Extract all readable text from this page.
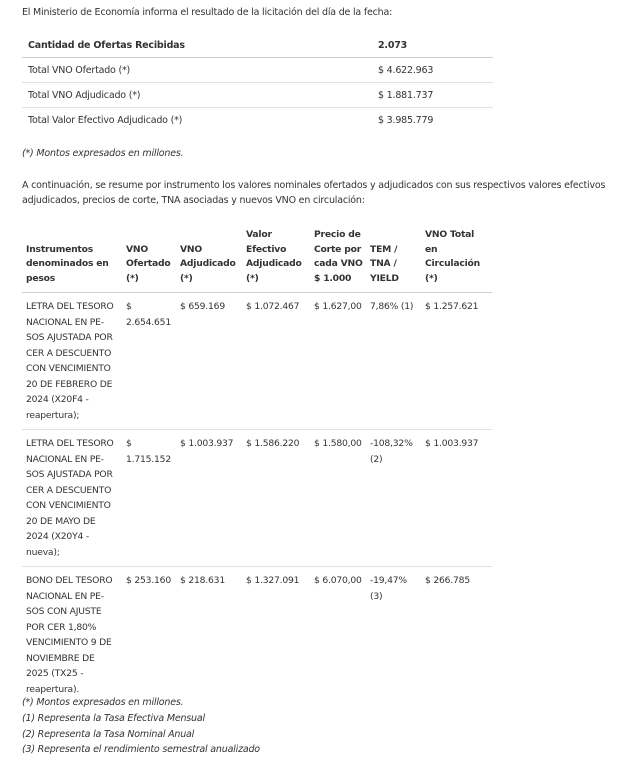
El Ministerio de Economía informa el resultado de la licitación del día de la fecha:
Cantidad de Ofertas Recibidas	2.073
Total VNO Ofertado (*)	$ 4.622.963
Total VNO Adjudicado (*)	$ 1.881.737
Total Valor Efectivo Adjudicado (*)	$ 3.985.779
(*) Montos expresados en millones.
A continuación, se resume por instrumento los valores nominales ofertados y adjudicados con sus respectivos valores efectivos adjudicados, precios de corte, TNA asociadas y nuevos VNO en circulación:
Instrumentos denominados en pesos	VNO Ofertado (*)	VNO Adjudicado (*)	Valor Efectivo Adjudicado (*)	Precio de Corte por cada VNO $ 1.000	TEM / TNA / YIELD	VNO Total en Circulación (*)
LETRA DEL TESORO NACIONAL EN PE-SOS AJUSTADA POR CER A DESCUENTO CON VENCIMIENTO 20 DE FEBRERO DE 2024 (X20F4 - reapertura);	$ 2.654.651	$ 659.169	$ 1.072.467	$ 1.627,00	7,86% (1)	$ 1.257.621
LETRA DEL TESORO NACIONAL EN PE-SOS AJUSTADA POR CER A DESCUENTO CON VENCIMIENTO 20 DE MAYO DE 2024 (X20Y4 - nueva);	$ 1.715.152	$ 1.003.937	$ 1.586.220	$ 1.580,00	-108,32% (2)	$ 1.003.937
BONO DEL TESORO NACIONAL EN PE-SOS CON AJUSTE POR CER 1,80% VENCIMIENTO 9 DE NOVIEMBRE DE 2025 (TX25 - reapertura).	$ 253.160	$ 218.631	$ 1.327.091	$ 6.070,00	-19,47% (3)	$ 266.785
(*) Montos expresados en millones.
(1) Representa la Tasa Efectiva Mensual
(2) Representa la Tasa Nominal Anual
(3) Representa el rendimiento semestral anualizado
